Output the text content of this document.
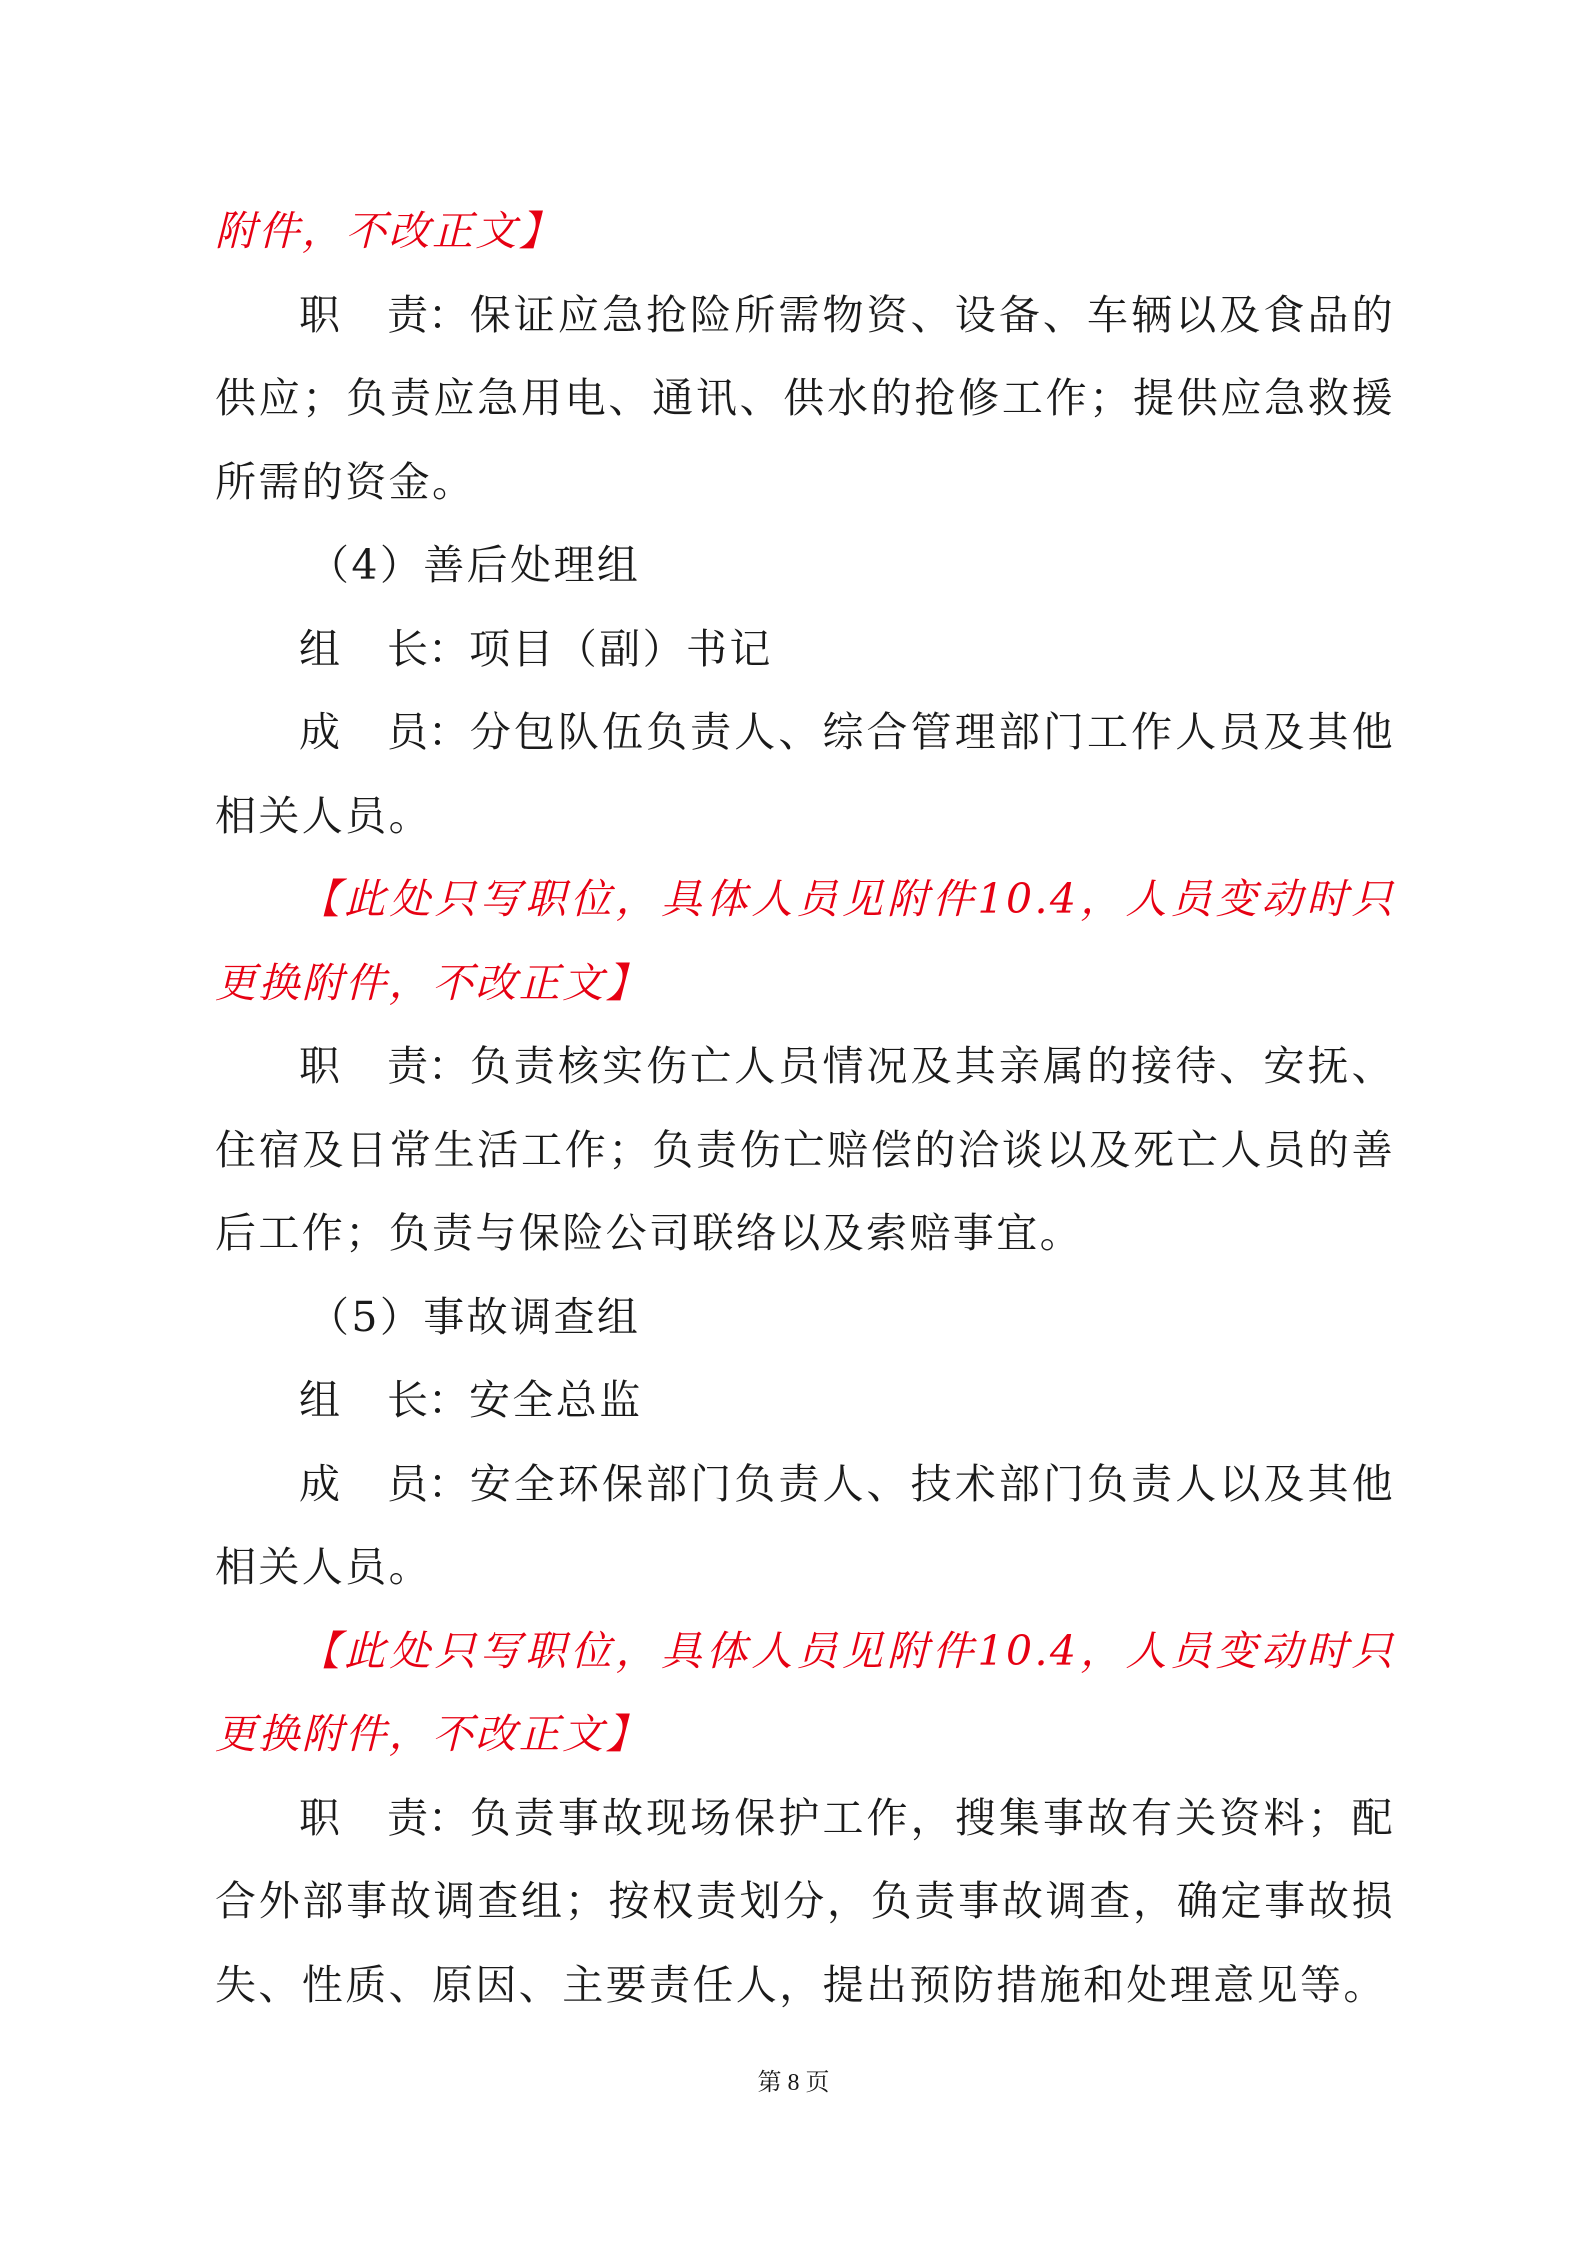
附件，不改正文】

职 责：保证应急抢险所需物资、设备、车辆以及食品的供应；负责应急用电、通讯、供水的抢修工作；提供应急救援所需的资金。

（4）善后处理组

组 长：项目（副）书记

成 员：分包队伍负责人、综合管理部门工作人员及其他相关人员。

【此处只写职位，具体人员见附件10.4，人员变动时只更换附件，不改正文】

职 责：负责核实伤亡人员情况及其亲属的接待、安抚、住宿及日常生活工作；负责伤亡赔偿的洽谈以及死亡人员的善后工作；负责与保险公司联络以及索赔事宜。

（5）事故调查组

组 长：安全总监

成 员：安全环保部门负责人、技术部门负责人以及其他相关人员。

【此处只写职位，具体人员见附件10.4，人员变动时只更换附件，不改正文】

职 责：负责事故现场保护工作，搜集事故有关资料；配合外部事故调查组；按权责划分，负责事故调查，确定事故损失、性质、原因、主要责任人，提出预防措施和处理意见等。

第 8 页
